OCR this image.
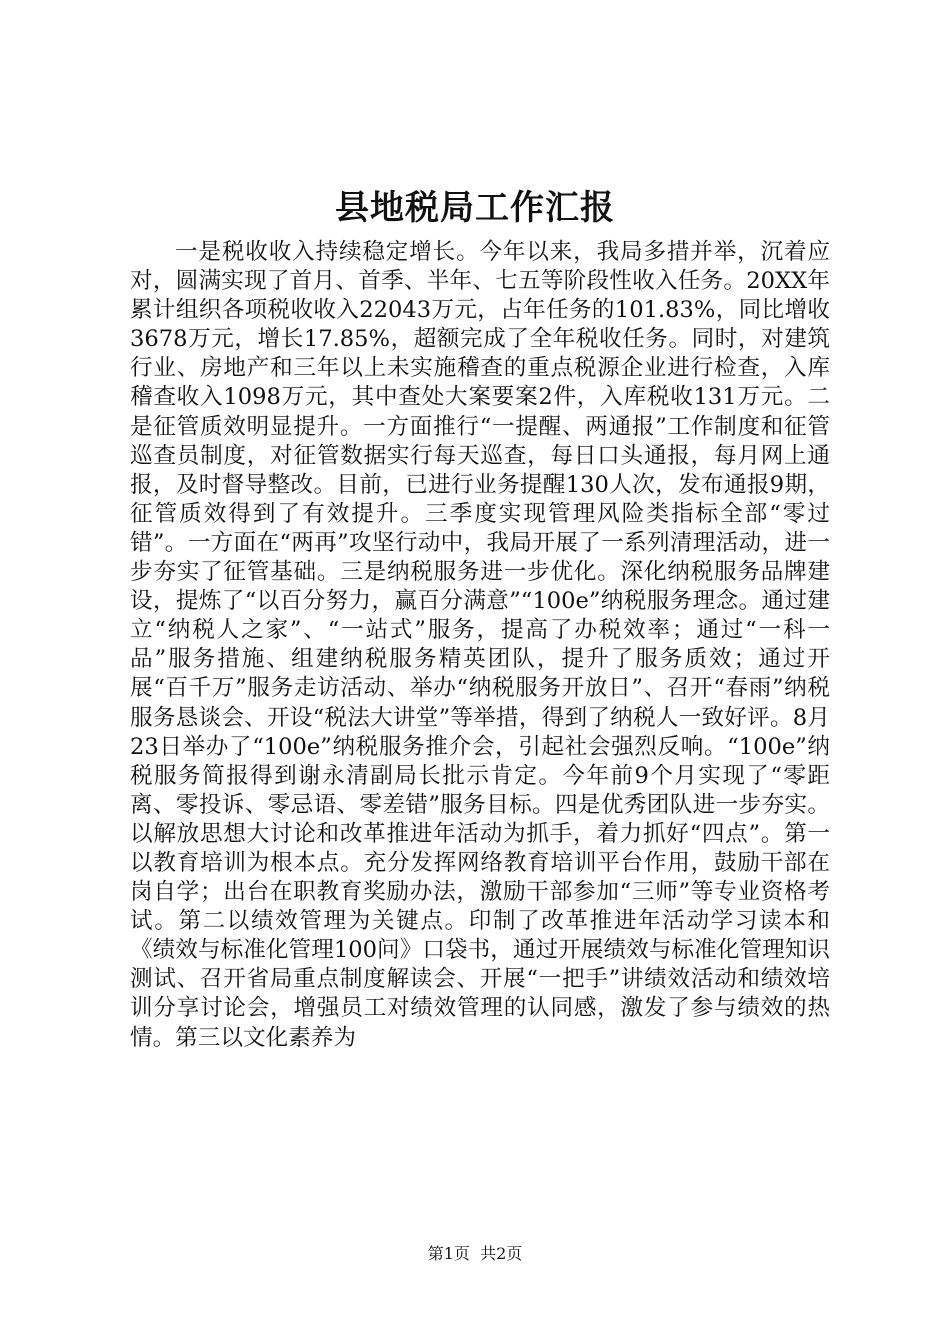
县地税局工作汇报

一是税收收入持续稳定增长。今年以来，我局多措并举，沉着应对，圆满实现了首月、首季、半年、七五等阶段性收入任务。20XX年累计组织各项税收收入22043万元，占年任务的101.83%，同比增收3678万元，增长17.85%，超额完成了全年税收任务。同时，对建筑行业、房地产和三年以上未实施稽查的重点税源企业进行检查，入库稽查收入1098万元，其中查处大案要案2件，入库税收131万元。二是征管质效明显提升。一方面推行“一提醒、两通报”工作制度和征管巡查员制度，对征管数据实行每天巡查，每日口头通报，每月网上通报，及时督导整改。目前，已进行业务提醒130人次，发布通报9期，征管质效得到了有效提升。三季度实现管理风险类指标全部“零过错”。一方面在“两再”攻坚行动中，我局开展了一系列清理活动，进一步夯实了征管基础。三是纳税服务进一步优化。深化纳税服务品牌建设，提炼了“以百分努力，赢百分满意”“100e”纳税服务理念。通过建立“纳税人之家”、“一站式”服务，提高了办税效率；通过“一科一品”服务措施、组建纳税服务精英团队，提升了服务质效；通过开展“百千万”服务走访活动、举办“纳税服务开放日”、召开“春雨”纳税服务恳谈会、开设“税法大讲堂”等举措，得到了纳税人一致好评。8月23日举办了“100e”纳税服务推介会，引起社会强烈反响。“100e”纳税服务简报得到谢永清副局长批示肯定。今年前9个月实现了“零距离、零投诉、零忌语、零差错”服务目标。四是优秀团队进一步夯实。以解放思想大讨论和改革推进年活动为抓手，着力抓好“四点”。第一以教育培训为根本点。充分发挥网络教育培训平台作用，鼓励干部在岗自学；出台在职教育奖励办法，激励干部参加“三师”等专业资格考试。第二以绩效管理为关键点。印制了改革推进年活动学习读本和《绩效与标准化管理100问》口袋书，通过开展绩效与标准化管理知识测试、召开省局重点制度解读会、开展“一把手”讲绩效活动和绩效培训分享讨论会，增强员工对绩效管理的认同感，激发了参与绩效的热情。第三以文化素养为

第1页  共2页
